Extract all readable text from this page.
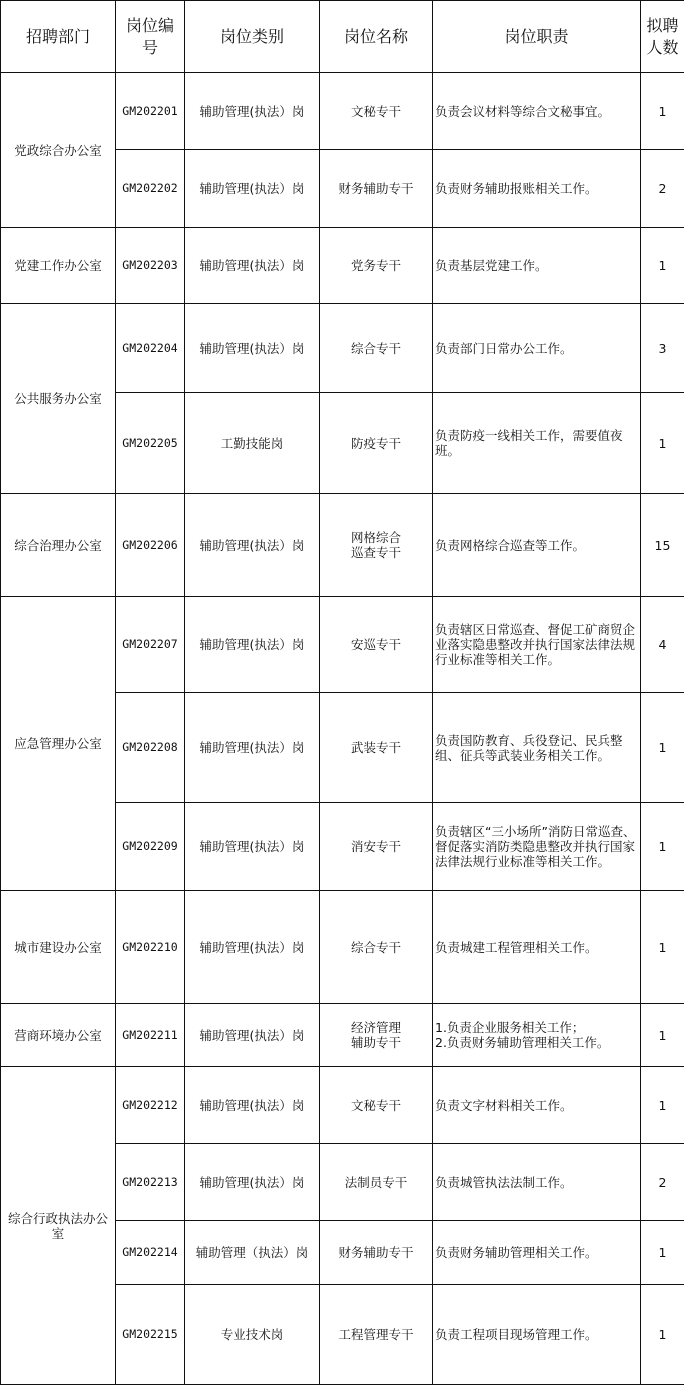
招聘部门	岗位编号	岗位类别	岗位名称	岗位职责	拟聘
人数
党政综合办公室	GM202201	辅助管理(执法）岗	文秘专干	负责会议材料等综合文秘事宜。	1
	GM202202	辅助管理(执法）岗	财务辅助专干	负责财务辅助报账相关工作。	2
党建工作办公室	GM202203	辅助管理(执法）岗	党务专干	负责基层党建工作。	1
公共服务办公室	GM202204	辅助管理(执法）岗	综合专干	负责部门日常办公工作。	3
	GM202205	工勤技能岗	防疫专干	负责防疫一线相关工作，需要值夜班。	1
综合治理办公室	GM202206	辅助管理(执法）岗	网格综合
巡查专干	负责网格综合巡查等工作。	15
应急管理办公室	GM202207	辅助管理(执法）岗	安巡专干	负责辖区日常巡查、督促工矿商贸企业落实隐患整改并执行国家法律法规行业标准等相关工作。	4
	GM202208	辅助管理(执法）岗	武装专干	负责国防教育、兵役登记、民兵整组、征兵等武装业务相关工作。	1
	GM202209	辅助管理(执法）岗	消安专干	负责辖区“三小场所”消防日常巡查、督促落实消防类隐患整改并执行国家法律法规行业标准等相关工作。	1
城市建设办公室	GM202210	辅助管理(执法）岗	综合专干	负责城建工程管理相关工作。	1
营商环境办公室	GM202211	辅助管理(执法）岗	经济管理
辅助专干	1.负责企业服务相关工作；
2.负责财务辅助管理相关工作。	1
综合行政执法办公室	GM202212	辅助管理(执法）岗	文秘专干	负责文字材料相关工作。	1
	GM202213	辅助管理(执法）岗	法制员专干	负责城管执法法制工作。	2
	GM202214	辅助管理（执法）岗	财务辅助专干	负责财务辅助管理相关工作。	1
	GM202215	专业技术岗	工程管理专干	负责工程项目现场管理工作。	1
